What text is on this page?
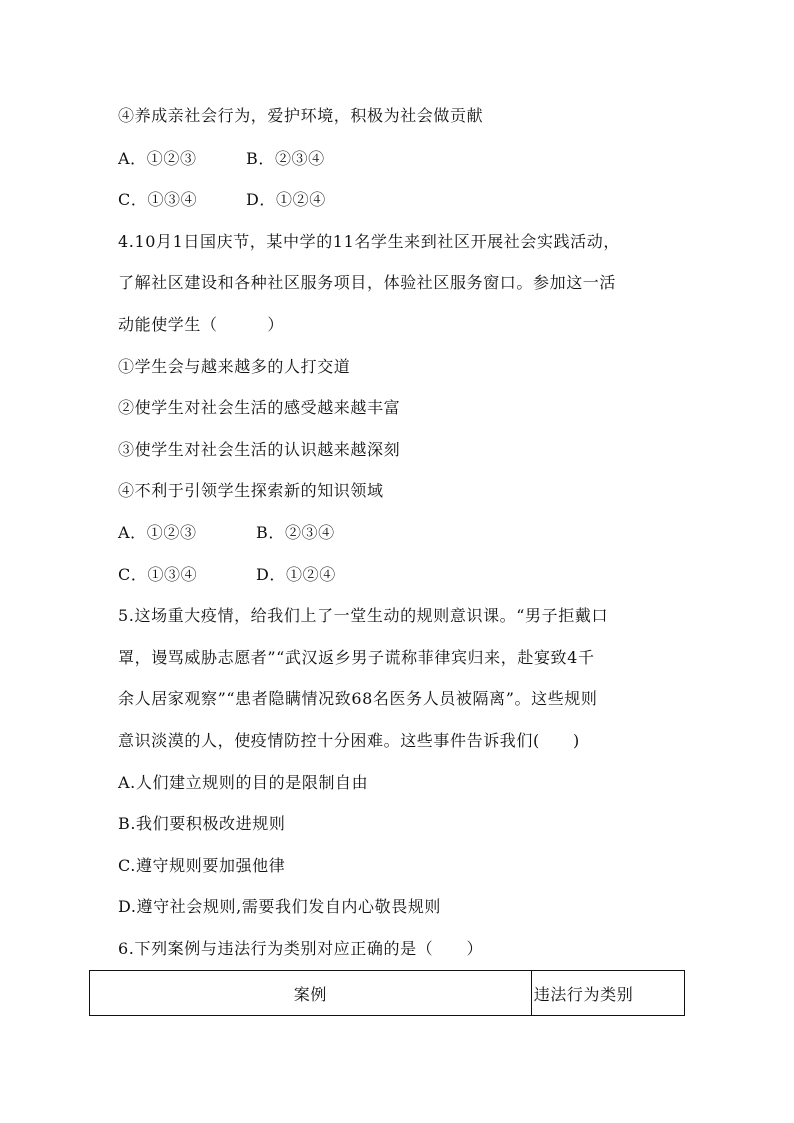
④养成亲社会行为，爱护环境，积极为社会做贡献
A．①②③	B．②③④
C．①③④	D．①②④
4.10月1日国庆节，某中学的11名学生来到社区开展社会实践活动，
了解社区建设和各种社区服务项目，体验社区服务窗口。参加这一活
动能使学生（　　　）
①学生会与越来越多的人打交道
②使学生对社会生活的感受越来越丰富
③使学生对社会生活的认识越来越深刻
④不利于引领学生探索新的知识领域
A．①②③	B．②③④
C．①③④	D．①②④
5.这场重大疫情，给我们上了一堂生动的规则意识课。“男子拒戴口
罩，谩骂威胁志愿者”“武汉返乡男子谎称菲律宾归来，赴宴致4千
余人居家观察”“患者隐瞒情况致68名医务人员被隔离”。这些规则
意识淡漠的人，使疫情防控十分困难。这些事件告诉我们(　　)
A.人们建立规则的目的是限制自由
B.我们要积极改进规则
C.遵守规则要加强他律
D.遵守社会规则,需要我们发自内心敬畏规则
6.下列案例与违法行为类别对应正确的是（　　）
案例	违法行为类别
